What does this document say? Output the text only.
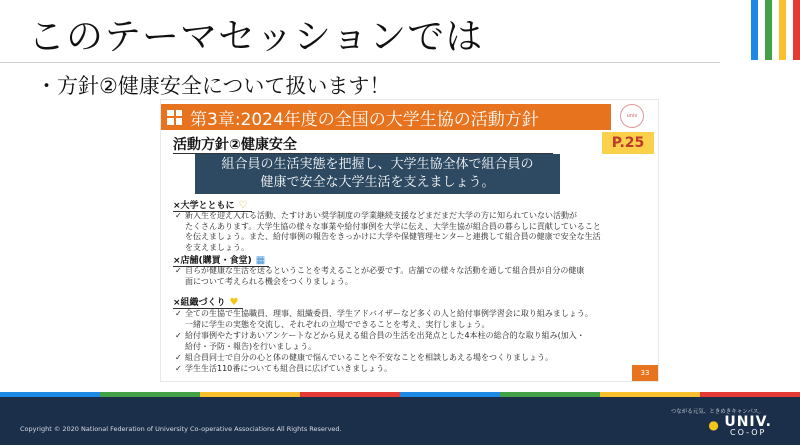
このテーマセッションでは
・方針②健康安全について扱います！
第3章:2024年度の全国の大学生協の活動方針	univ
活動方針②健康安全	P.25
組合員の生活実態を把握し、大学生協全体で組合員の
健康で安全な大学生活を支えましょう。
×大学とともに ♡
✓ 新入生を迎え入れる活動、たすけあい奨学制度の学業継続支援などまだまだ大学の方に知られていない活動が
たくさんあります。大学生協の様々な事業や給付事例を大学に伝え、大学生協が組合員の暮らしに貢献していること
を伝えましょう。また、給付事例の報告をきっかけに大学や保健管理センターと連携して組合員の健康で安全な生活
を支えましょう。
×店舗(購買・食堂) ▦
✓ 自らが健康な生活を送るということを考えることが必要です。店舗での様々な活動を通して組合員が自分の健康
面について考えられる機会をつくりましょう。
×組織づくり ♥
✓ 全ての生協で生協職員、理事、組織委員、学生アドバイザーなど多くの人と給付事例学習会に取り組みましょう。
一緒に学生の実態を交流し、それぞれの立場でできることを考え、実行しましょう。
✓ 給付事例やたすけあいアンケートなどから見える組合員の生活を出発点とした4本柱の総合的な取り組み(加入・
給付・予防・報告)を行いましょう。
✓ 組合員同士で自分の心と体の健康で悩んでいることや不安なことを相談しあえる場をつくりましょう。
✓ 学生生活110番についても組合員に広げていきましょう。	33
Copyright © 2020 National Federation of University Co-operative Associations All Rights Reserved.
つながる元気、ときめきキャンパス。
● UNIV.
CO-OP
